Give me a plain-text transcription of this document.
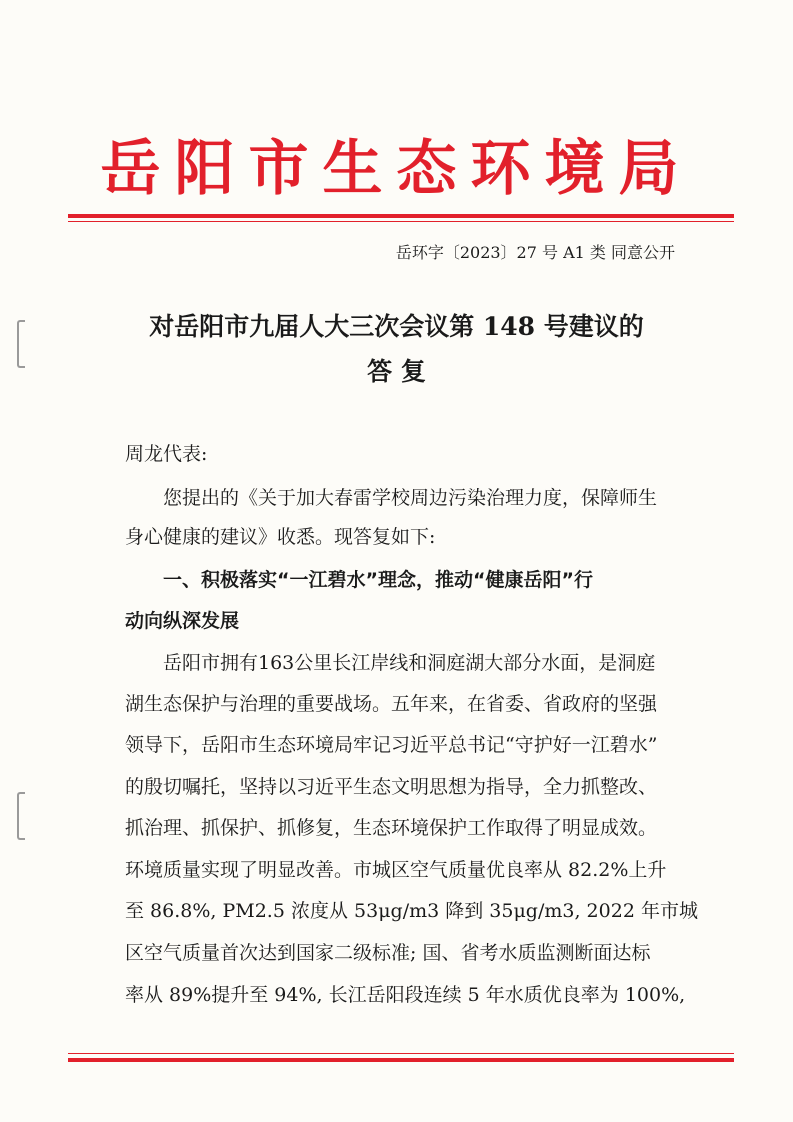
岳阳市生态环境局
岳环字〔2023〕27 号 A1 类 同意公开
对岳阳市九届人大三次会议第 148 号建议的
答 复
周龙代表:
您提出的《关于加大春雷学校周边污染治理力度，保障师生
身心健康的建议》收悉。现答复如下:
一、积极落实“一江碧水”理念，推动“健康岳阳”行
动向纵深发展
岳阳市拥有163公里长江岸线和洞庭湖大部分水面，是洞庭
湖生态保护与治理的重要战场。五年来，在省委、省政府的坚强
领导下，岳阳市生态环境局牢记习近平总书记“守护好一江碧水”
的殷切嘱托，坚持以习近平生态文明思想为指导，全力抓整改、
抓治理、抓保护、抓修复，生态环境保护工作取得了明显成效。
环境质量实现了明显改善。市城区空气质量优良率从 82.2%上升
至 86.8%, PM2.5 浓度从 53μg/m3 降到 35μg/m3, 2022 年市城
区空气质量首次达到国家二级标准; 国、省考水质监测断面达标
率从 89%提升至 94%, 长江岳阳段连续 5 年水质优良率为 100%,
